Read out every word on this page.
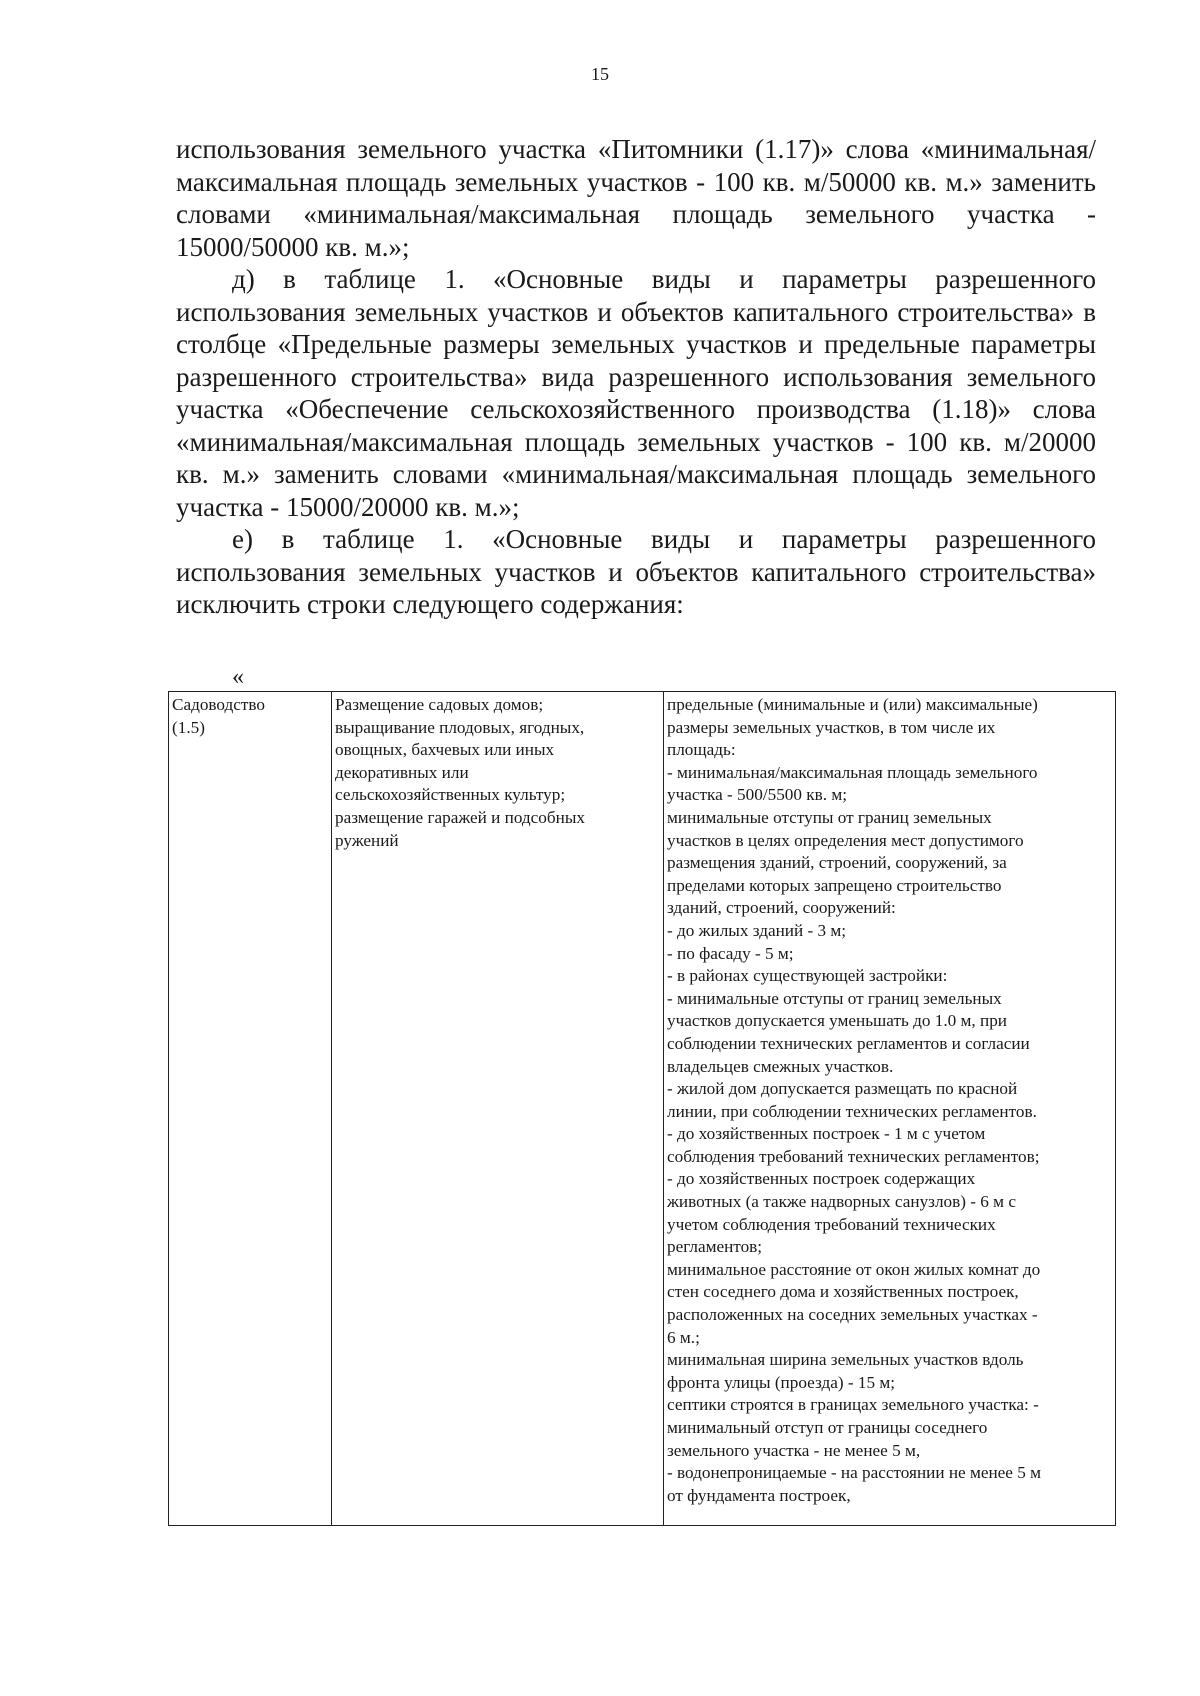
15

использования земельного участка «Питомники (1.17)» слова «минимальная/максимальная площадь земельных участков - 100 кв. м/50000 кв. м.» заменить словами «минимальная/максимальная площадь земельного участка - 15000/50000 кв. м.»;

д) в таблице 1. «Основные виды и параметры разрешенного использования земельных участков и объектов капитального строительства» в столбце «Предельные размеры земельных участков и предельные параметры разрешенного строительства» вида разрешенного использования земельного участка «Обеспечение сельскохозяйственного производства (1.18)» слова «минимальная/максимальная площадь земельных участков - 100 кв. м/20000 кв. м.» заменить словами «минимальная/максимальная площадь земельного участка - 15000/20000 кв. м.»;

е) в таблице 1. «Основные виды и параметры разрешенного использования земельных участков и объектов капитального строительства» исключить строки следующего содержания:

«
Садоводство
(1.5)

Размещение садовых домов;
выращивание плодовых, ягодных,
овощных, бахчевых или иных
декоративных или
сельскохозяйственных культур;
размещение гаражей и подсобных
ружений

предельные (минимальные и (или) максимальные)
размеры земельных участков, в том числе их
площадь:
- минимальная/максимальная площадь земельного
участка - 500/5500 кв. м;
минимальные отступы от границ земельных
участков в целях определения мест допустимого
размещения зданий, строений, сооружений, за
пределами которых запрещено строительство
зданий, строений, сооружений:
- до жилых зданий - 3 м;
- по фасаду - 5 м;
- в районах существующей застройки:
- минимальные отступы от границ земельных
участков допускается уменьшать до 1.0 м, при
соблюдении технических регламентов и согласии
владельцев смежных участков.
- жилой дом допускается размещать по красной
линии, при соблюдении технических регламентов.
- до хозяйственных построек - 1 м с учетом
соблюдения требований технических регламентов;
- до хозяйственных построек содержащих
животных (а также надворных санузлов) - 6 м с
учетом соблюдения требований технических
регламентов;
минимальное расстояние от окон жилых комнат до
стен соседнего дома и хозяйственных построек,
расположенных на соседних земельных участках -
6 м.;
минимальная ширина земельных участков вдоль
фронта улицы (проезда) - 15 м;
септики строятся в границах земельного участка: -
минимальный отступ от границы соседнего
земельного участка - не менее 5 м,
- водонепроницаемые - на расстоянии не менее 5 м
от фундамента построек,
